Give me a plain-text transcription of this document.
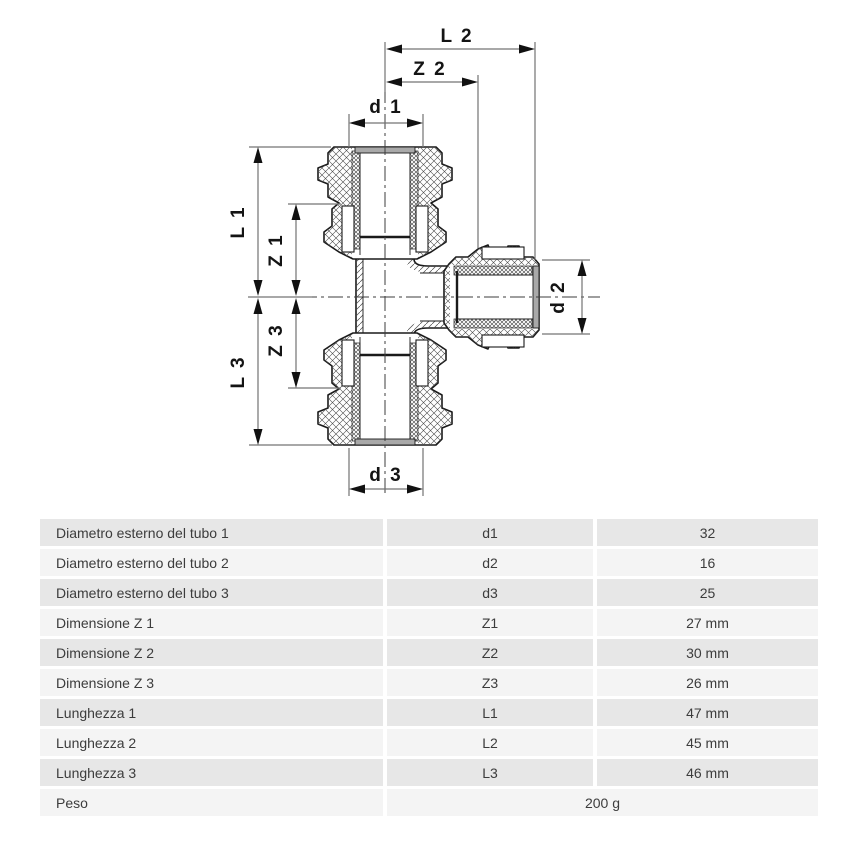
L 2
Z 2
d 1
d 3
L 1
Z 1
Z 3
L 3
d 2
Diametro esterno del tubo 1	d1	32
Diametro esterno del tubo 2	d2	16
Diametro esterno del tubo 3	d3	25
Dimensione Z 1	Z1	27 mm
Dimensione Z 2	Z2	30 mm
Dimensione Z 3	Z3	26 mm
Lunghezza 1	L1	47 mm
Lunghezza 2	L2	45 mm
Lunghezza 3	L3	46 mm
Peso	200 g
